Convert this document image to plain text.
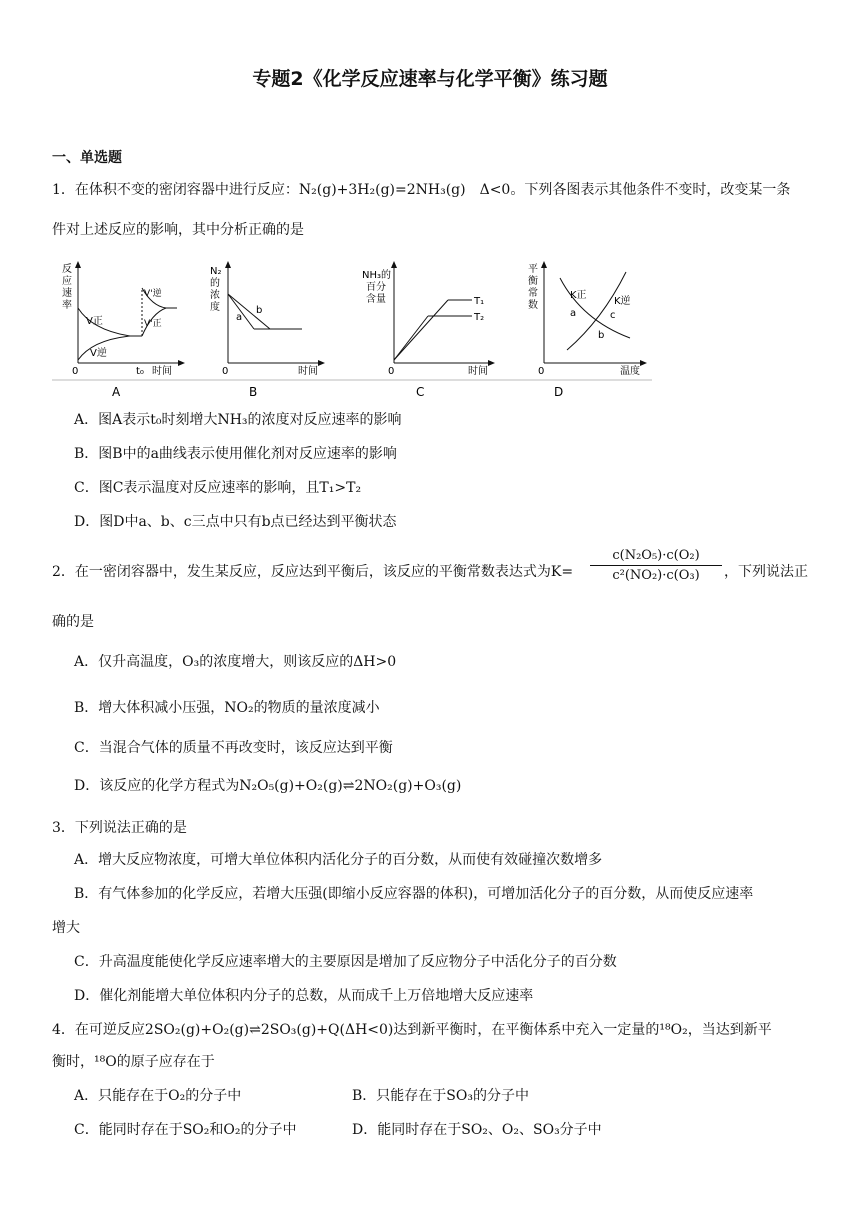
专题2《化学反应速率与化学平衡》练习题
一、单选题
1．在体积不变的密闭容器中进行反应：N₂(g)+3H₂(g)=2NH₃(g) Δ<0。下列各图表示其他条件不变时，改变某一条
件对上述反应的影响，其中分析正确的是
反
应
速
率
V正
V逆
V'逆
V'正
0	t₀ 时间
A
N₂
的
浓
度
a
b
0	时间
B
NH₃的
百分
含量	T₁
T₂
0	时间
C
平
衡
常
数
K正
K逆
a
b
c
0	温度
D
A．图A表示t₀时刻增大NH₃的浓度对反应速率的影响
B．图B中的a曲线表示使用催化剂对反应速率的影响
C．图C表示温度对反应速率的影响，且T₁>T₂
D．图D中a、b、c三点中只有b点已经达到平衡状态
2．在一密闭容器中，发生某反应，反应达到平衡后，该反应的平衡常数表达式为$K= \frac{\text{c(N₂O₅)·c(O₂)}}{\text{c²(NO₂)·c(O₃)}}$ ，下列说法正
确的是
A．仅升高温度，O₃的浓度增大，则该反应的ΔH>0
B．增大体积减小压强，NO₂的物质的量浓度减小
C．当混合气体的质量不再改变时，该反应达到平衡
D．该反应的化学方程式为N₂O₅(g)+O₂(g)⇌2NO₂(g)+O₃(g)
3．下列说法正确的是
A．增大反应物浓度，可增大单位体积内活化分子的百分数，从而使有效碰撞次数增多
B．有气体参加的化学反应，若增大压强(即缩小反应容器的体积)，可增加活化分子的百分数，从而使反应速率
增大
C．升高温度能使化学反应速率增大的主要原因是增加了反应物分子中活化分子的百分数
D．催化剂能增大单位体积内分子的总数，从而成千上万倍地增大反应速率
4．在可逆反应2SO₂(g)+O₂(g)⇌2SO₃(g)+Q(ΔH<0)达到新平衡时，在平衡体系中充入一定量的¹⁸O₂，当达到新平
衡时，¹⁸O的原子应存在于
A．只能存在于O₂的分子中	B．只能存在于SO₃的分子中
C．能同时存在于SO₂和O₂的分子中	D．能同时存在于SO₂、O₂、SO₃分子中
